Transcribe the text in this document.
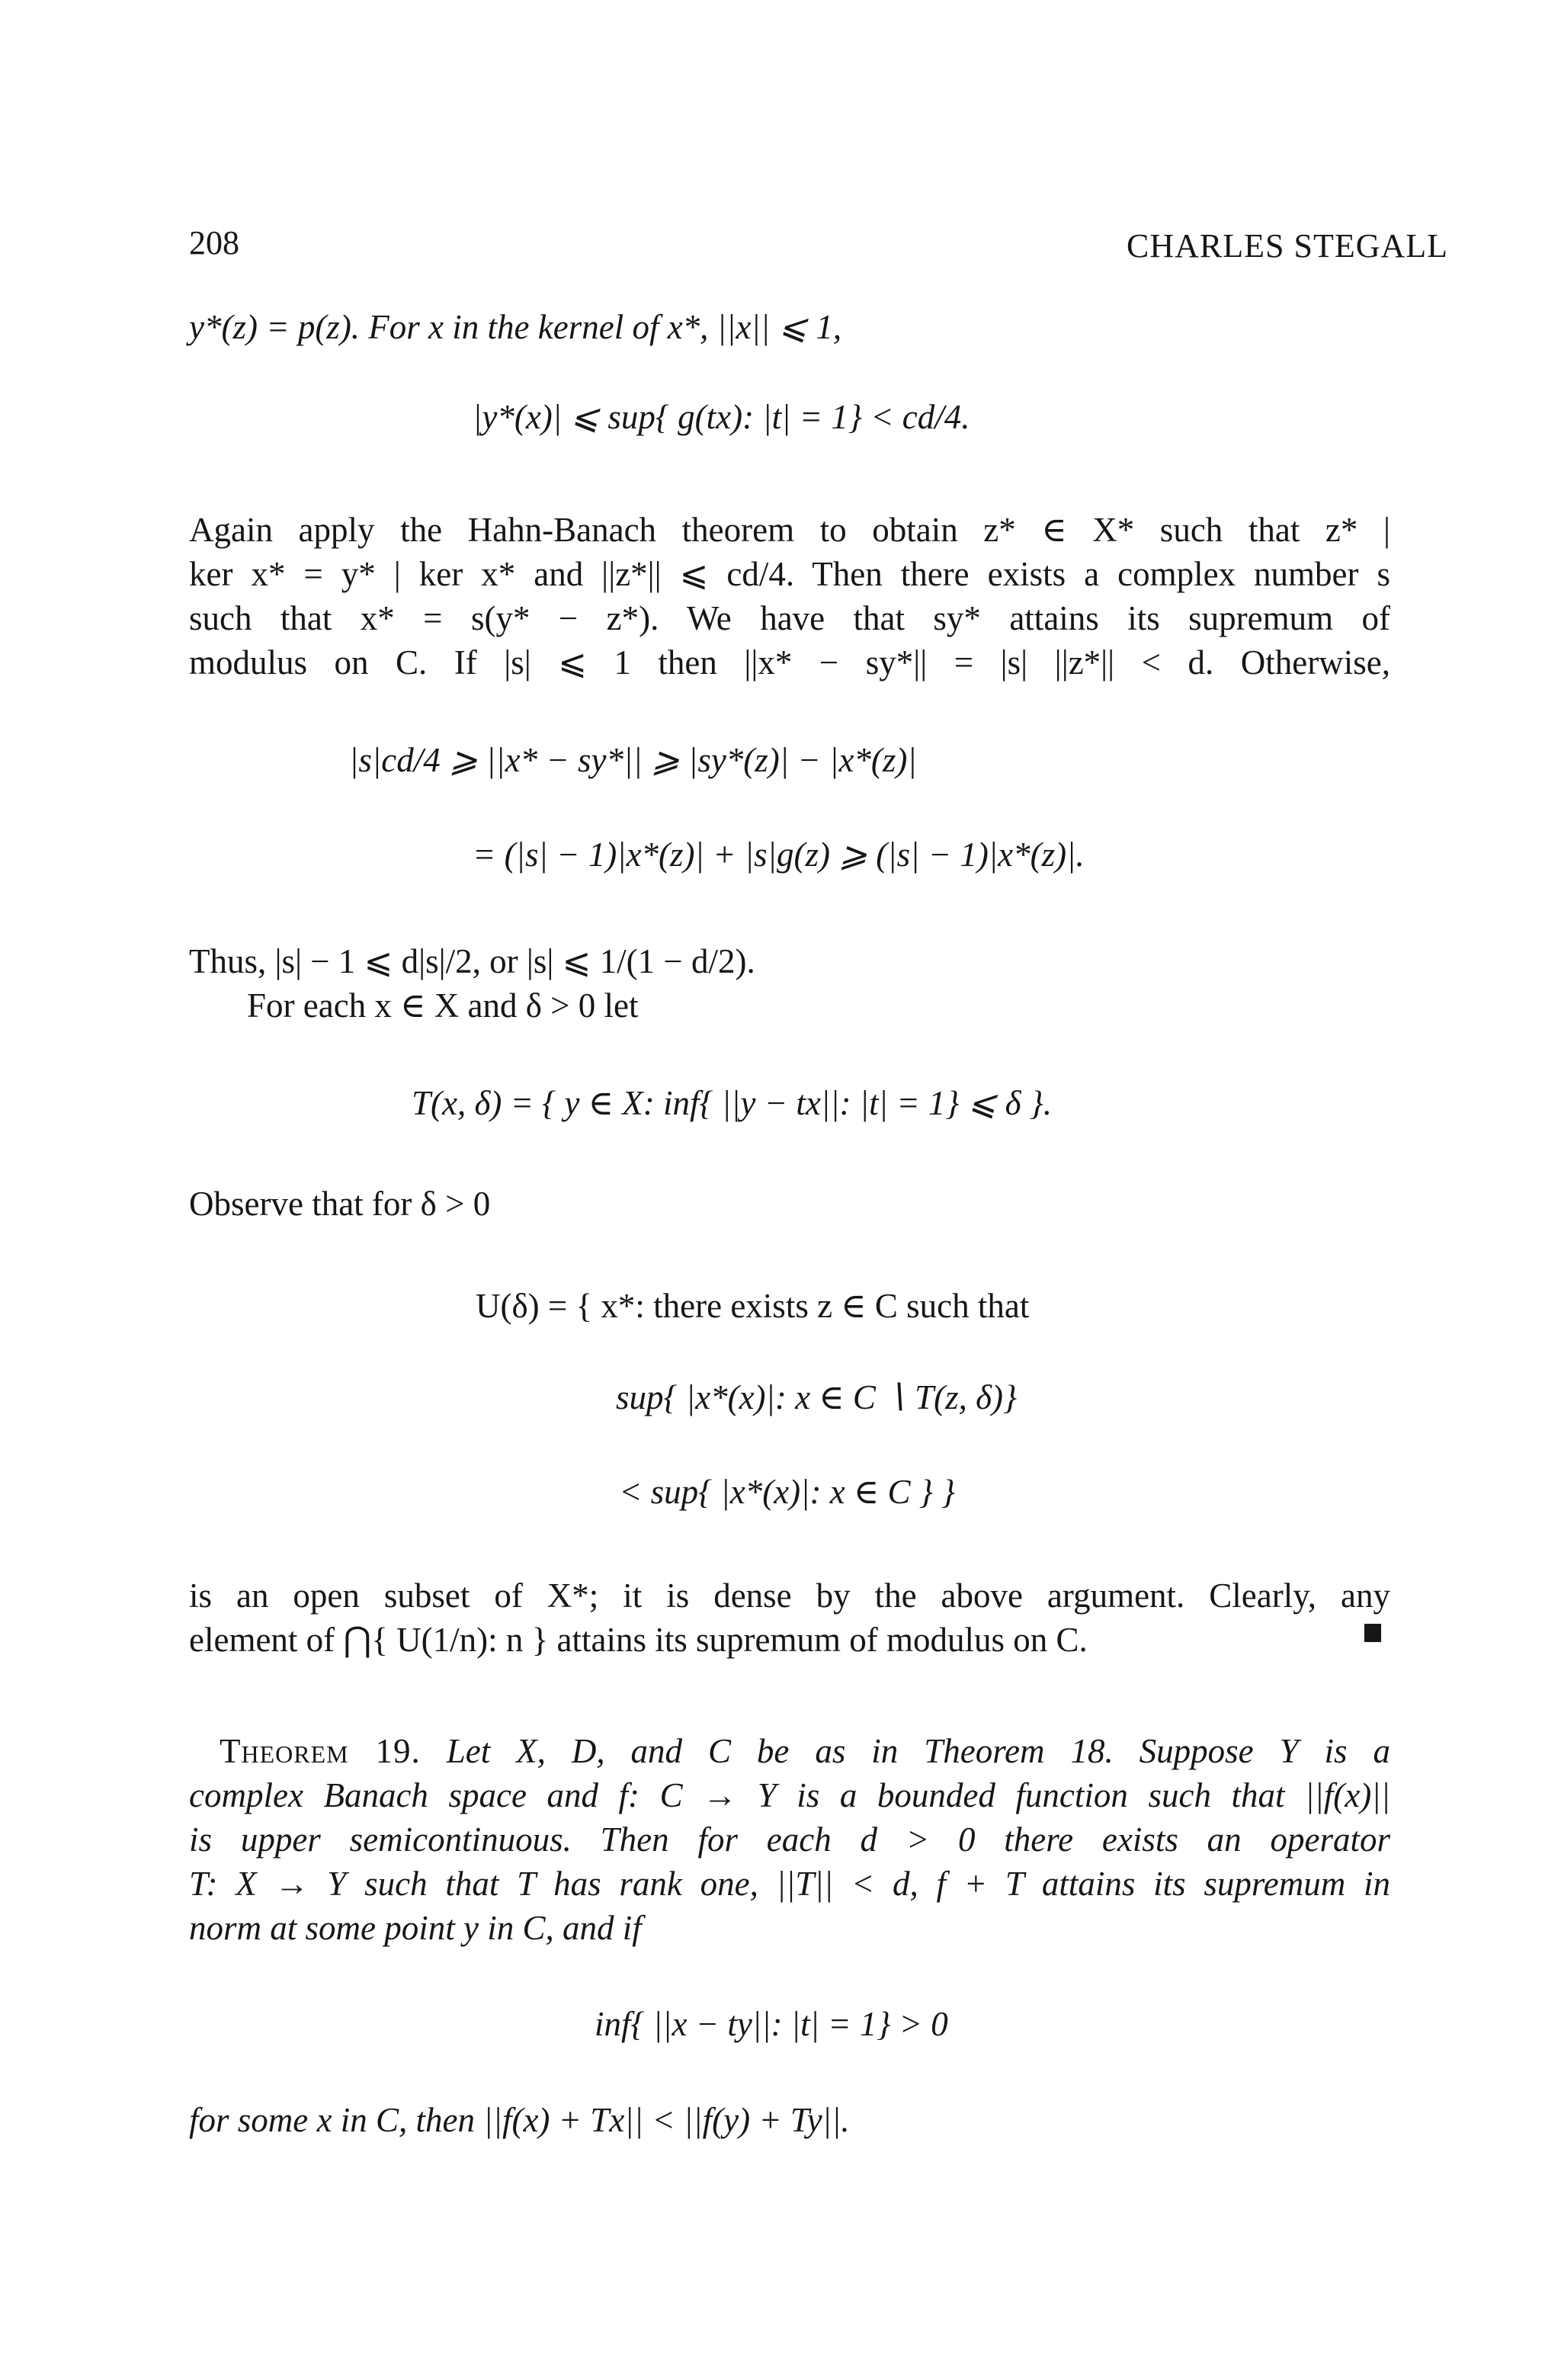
208	CHARLES STEGALL
y*(z) = p(z). For x in the kernel of x*, ||x|| ⩽ 1,
|y*(x)| ⩽ sup{ g(tx): |t| = 1} < cd/4.
Again apply the Hahn-Banach theorem to obtain z* ∈ X* such that z* |
ker x* = y* | ker x* and ||z*|| ⩽ cd/4. Then there exists a complex number s
such that x* = s(y* − z*). We have that sy* attains its supremum of
modulus on C. If |s| ⩽ 1 then ||x* − sy*|| = |s| ||z*|| < d. Otherwise,
|s|cd/4 ⩾ ||x* − sy*|| ⩾ |sy*(z)| − |x*(z)|
= (|s| − 1)|x*(z)| + |s|g(z) ⩾ (|s| − 1)|x*(z)|.
Thus, |s| − 1 ⩽ d|s|/2, or |s| ⩽ 1/(1 − d/2).
For each x ∈ X and δ > 0 let
T(x, δ) = { y ∈ X: inf{ ||y − tx||: |t| = 1} ⩽ δ }.
Observe that for δ > 0
U(δ) = { x*: there exists z ∈ C such that
sup{ |x*(x)|: x ∈ C ∖ T(z, δ)}
< sup{ |x*(x)|: x ∈ C } }
is an open subset of X*; it is dense by the above argument. Clearly, any
element of ⋂{ U(1/n): n } attains its supremum of modulus on C.
Theorem 19. Let X, D, and C be as in Theorem 18. Suppose Y is a
complex Banach space and f: C → Y is a bounded function such that ||f(x)||
is upper semicontinuous. Then for each d > 0 there exists an operator
T: X → Y such that T has rank one, ||T|| < d, f + T attains its supremum in
norm at some point y in C, and if
inf{ ||x − ty||: |t| = 1} > 0
for some x in C, then ||f(x) + Tx|| < ||f(y) + Ty||.
